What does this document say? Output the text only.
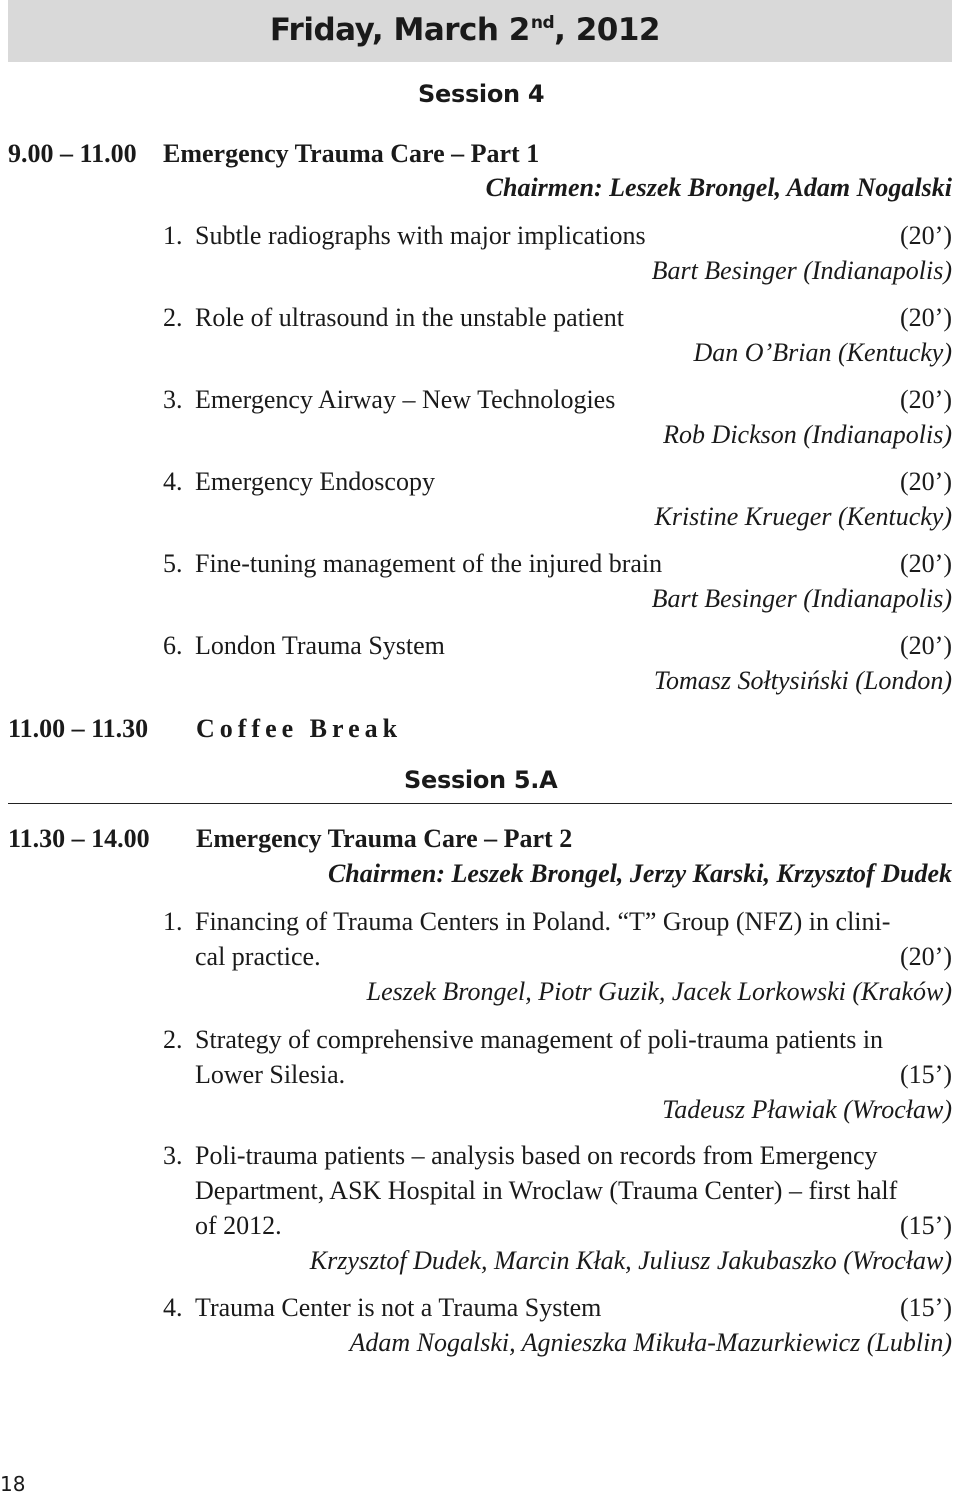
Friday, March 2nd, 2012
Session 4
9.00 – 11.00 Emergency Trauma Care – Part 1
Chairmen: Leszek Brongel, Adam Nogalski
1. Subtle radiographs with major implications	(20’)
Bart Besinger (Indianapolis)
2. Role of ultrasound in the unstable patient	(20’)
Dan O’Brian (Kentucky)
3. Emergency Airway – New Technologies	(20’)
Rob Dickson (Indianapolis)
4. Emergency Endoscopy	(20’)
Kristine Krueger (Kentucky)
5. Fine-tuning management of the injured brain	(20’)
Bart Besinger (Indianapolis)
6. London Trauma System	(20’)
Tomasz Sołtysiński (London)
11.00 – 11.30 Coffee Break
Session 5.A
11.30 – 14.00 Emergency Trauma Care – Part 2
Chairmen: Leszek Brongel, Jerzy Karski, Krzysztof Dudek
1. Financing of Trauma Centers in Poland. “T” Group (NFZ) in clini-
cal practice.	(20’)
Leszek Brongel, Piotr Guzik, Jacek Lorkowski (Kraków)
2. Strategy of comprehensive management of poli-trauma patients in
Lower Silesia.	(15’)
Tadeusz Pławiak (Wrocław)
3. Poli-trauma patients – analysis based on records from Emergency
Department, ASK Hospital in Wroclaw (Trauma Center) – first half
of 2012.	(15’)
Krzysztof Dudek, Marcin Kłak, Juliusz Jakubaszko (Wrocław)
4. Trauma Center is not a Trauma System	(15’)
Adam Nogalski, Agnieszka Mikuła-Mazurkiewicz (Lublin)
18
